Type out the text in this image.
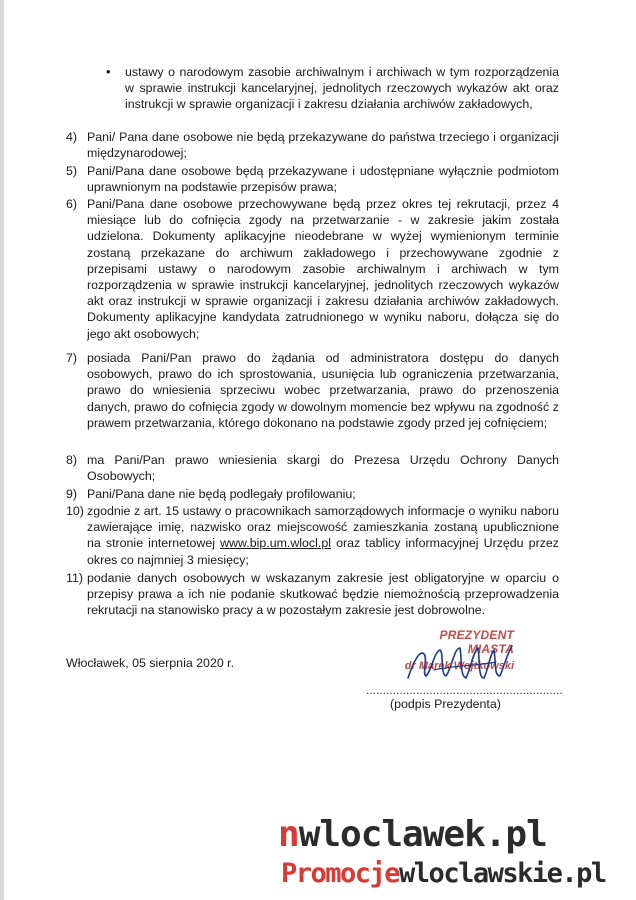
• ustawy o narodowym zasobie archiwalnym i archiwach w tym rozporządzenia w sprawie instrukcji kancelaryjnej, jednolitych rzeczowych wykazów akt oraz instrukcji w sprawie organizacji i zakresu działania archiwów zakładowych,
4) Pani/ Pana dane osobowe nie będą przekazywane do państwa trzeciego i organizacji międzynarodowej;
5) Pani/Pana dane osobowe będą przekazywane i udostępniane wyłącznie podmiotom uprawnionym na podstawie przepisów prawa;
6) Pani/Pana dane osobowe przechowywane będą przez okres tej rekrutacji, przez 4 miesiące lub do cofnięcia zgody na przetwarzanie - w zakresie jakim została udzielona. Dokumenty aplikacyjne nieodebrane w wyżej wymienionym terminie zostaną przekazane do archiwum zakładowego i przechowywane zgodnie z przepisami ustawy o narodowym zasobie archiwalnym i archiwach w tym rozporządzenia w sprawie instrukcji kancelaryjnej, jednolitych rzeczowych wykazów akt oraz instrukcji w sprawie organizacji i zakresu działania archiwów zakładowych. Dokumenty aplikacyjne kandydata zatrudnionego w wyniku naboru, dołącza się do jego akt osobowych;
7) posiada Pani/Pan prawo do żądania od administratora dostępu do danych osobowych, prawo do ich sprostowania, usunięcia lub ograniczenia przetwarzania, prawo do wniesienia sprzeciwu wobec przetwarzania, prawo do przenoszenia danych, prawo do cofnięcia zgody w dowolnym momencie bez wpływu na zgodność z prawem przetwarzania, którego dokonano na podstawie zgody przed jej cofnięciem;
8) ma Pani/Pan prawo wniesienia skargi do Prezesa Urzędu Ochrony Danych Osobowych;
9) Pani/Pana dane nie będą podlegały profilowaniu;
10) zgodnie z art. 15 ustawy o pracownikach samorządowych informacje o wyniku naboru zawierające imię, nazwisko oraz miejscowość zamieszkania zostaną upublicznione na stronie internetowej www.bip.um.wlocl.pl oraz tablicy informacyjnej Urzędu przez okres co najmniej 3 miesięcy;
11) podanie danych osobowych w wskazanym zakresie jest obligatoryjne w oparciu o przepisy prawa a ich nie podanie skutkować będzie niemożnością przeprowadzenia rekrutacji na stanowisko pracy a w pozostałym zakresie jest dobrowolne.
Włocławek, 05 sierpnia 2020 r.
PREZYDENT MIASTA
dr Marek Wojtkowski
...........................................................
(podpis Prezydenta)
nwloclawek.pl
Promocjewloclawskie.pl
